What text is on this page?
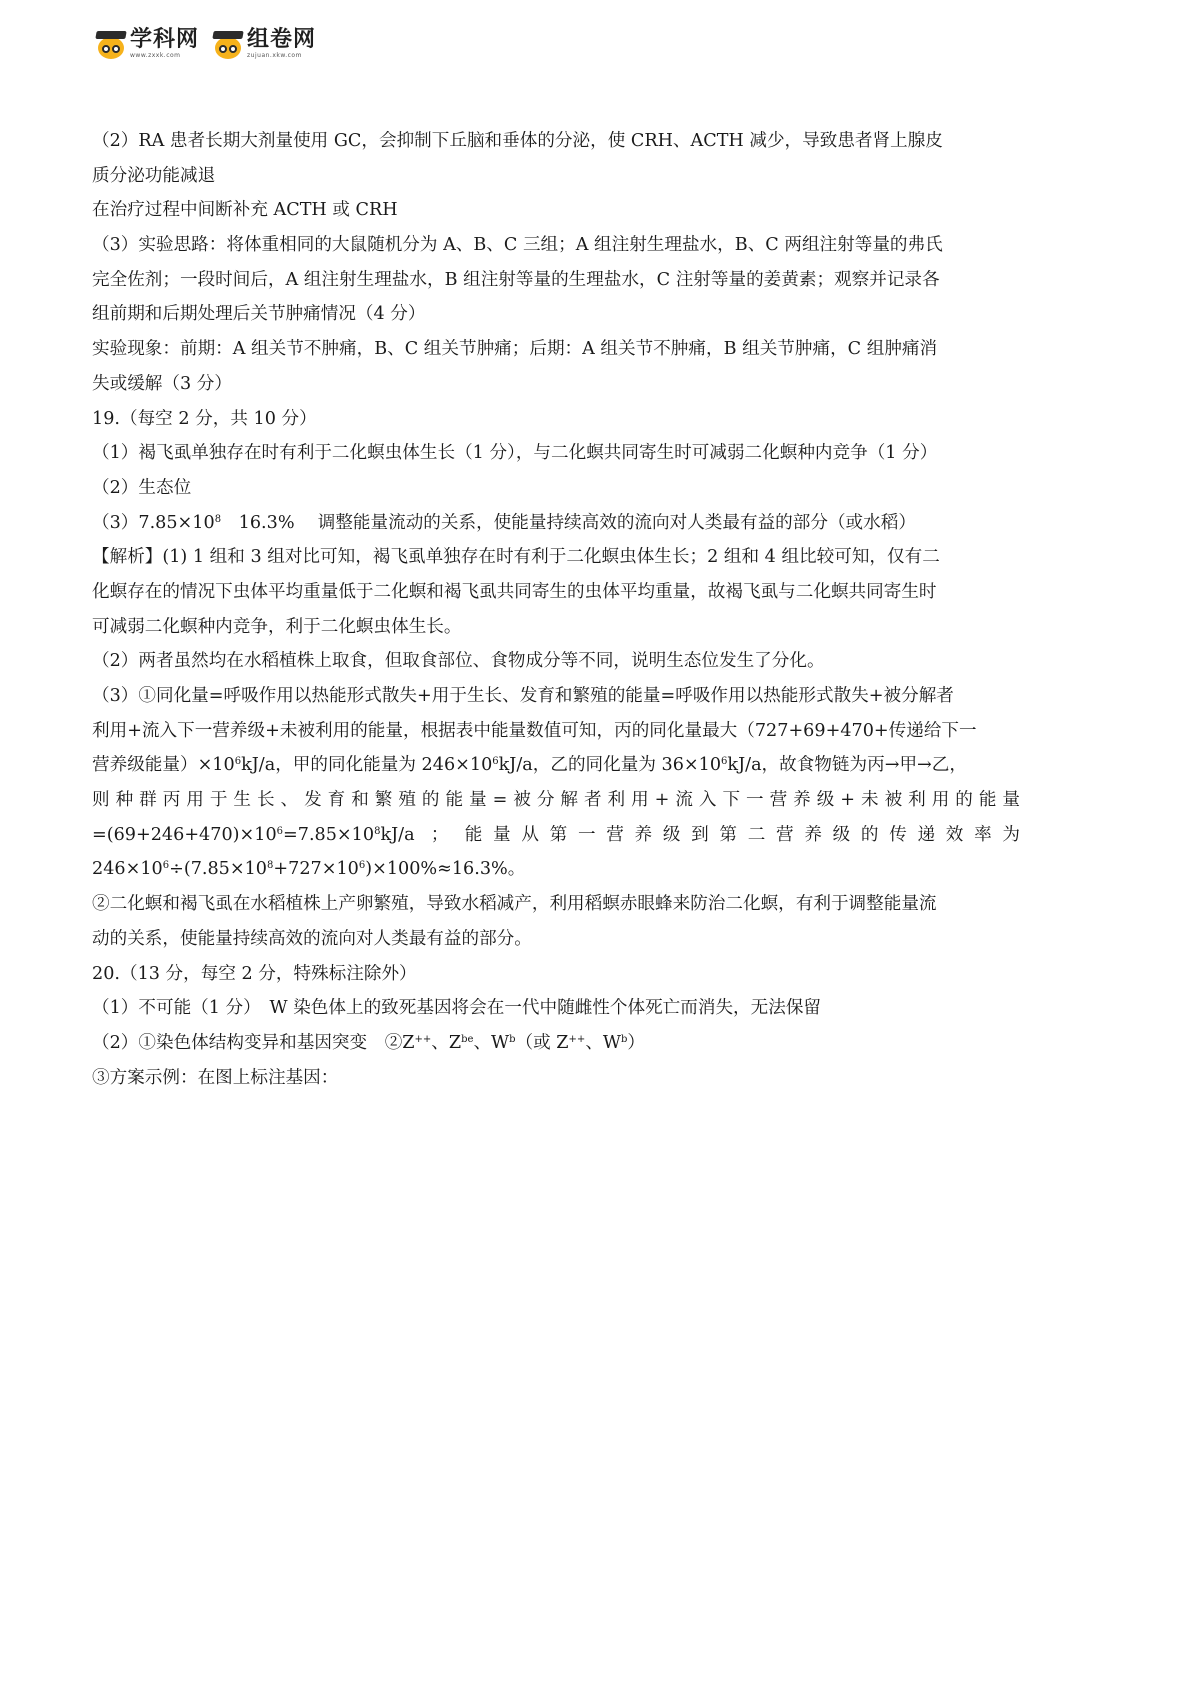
学科网
www.zxxk.com
组卷网
zujuan.xkw.com
（2）RA 患者长期大剂量使用 GC，会抑制下丘脑和垂体的分泌，使 CRH、ACTH 减少，导致患者肾上腺皮
质分泌功能减退
在治疗过程中间断补充 ACTH 或 CRH
（3）实验思路：将体重相同的大鼠随机分为 A、B、C 三组；A 组注射生理盐水，B、C 两组注射等量的弗氏
完全佐剂；一段时间后，A 组注射生理盐水，B 组注射等量的生理盐水，C 注射等量的姜黄素；观察并记录各
组前期和后期处理后关节肿痛情况（4 分）
实验现象：前期：A 组关节不肿痛，B、C 组关节肿痛；后期：A 组关节不肿痛，B 组关节肿痛，C 组肿痛消
失或缓解（3 分）
19.（每空 2 分，共 10 分）
（1）褐飞虱单独存在时有利于二化螟虫体生长（1 分），与二化螟共同寄生时可减弱二化螟种内竞争（1 分）
（2）生态位
$(3)7.85\times 10^8$　16.3%　 调整能量流动的关系，使能量持续高效的流向对人类最有益的部分（或水稻）
【解析】(1) 1 组和 3 组对比可知，褐飞虱单独存在时有利于二化螟虫体生长；2 组和 4 组比较可知，仅有二
化螟存在的情况下虫体平均重量低于二化螟和褐飞虱共同寄生的虫体平均重量，故褐飞虱与二化螟共同寄生时
可减弱二化螟种内竞争，利于二化螟虫体生长。
（2）两者虽然均在水稻植株上取食，但取食部位、食物成分等不同，说明生态位发生了分化。
（3）①同化量=呼吸作用以热能形式散失+用于生长、发育和繁殖的能量=呼吸作用以热能形式散失+被分解者
利用+流入下一营养级+未被利用的能量，根据表中能量数值可知，丙的同化量最大（727+69+470+传递给下一
营养级能量）$\times 10^6kJ/a$，甲的同化能量为 $246\times 10^6kJ/a$，乙的同化量为 $36\times 10^6kJ/a$，故食物链为丙→甲→乙，
则种群丙用于生长、发育和繁殖的能量=被分解者利用+流入下一营养级+未被利用的能量
$=(69+246+470)\times 10^6=7.85\times 10^8kJ/a$ ； 能量从第一营养级到第二营养级的传递效率为
$246\times 10^6\div(7.85\times 10^8+727\times 10^6)\times 100\%\approx 16.3\%$。
②二化螟和褐飞虱在水稻植株上产卵繁殖，导致水稻减产，利用稻螟赤眼蜂来防治二化螟，有利于调整能量流
动的关系，使能量持续高效的流向对人类最有益的部分。
20.（13 分，每空 2 分，特殊标注除外）
（1）不可能（1 分）　W 染色体上的致死基因将会在一代中随雌性个体死亡而消失，无法保留
（2）①染色体结构变异和基因突变　②Z++、$Z^{be}$、$W^b$（或 Z++、$W^b$）
③方案示例：在图上标注基因：
